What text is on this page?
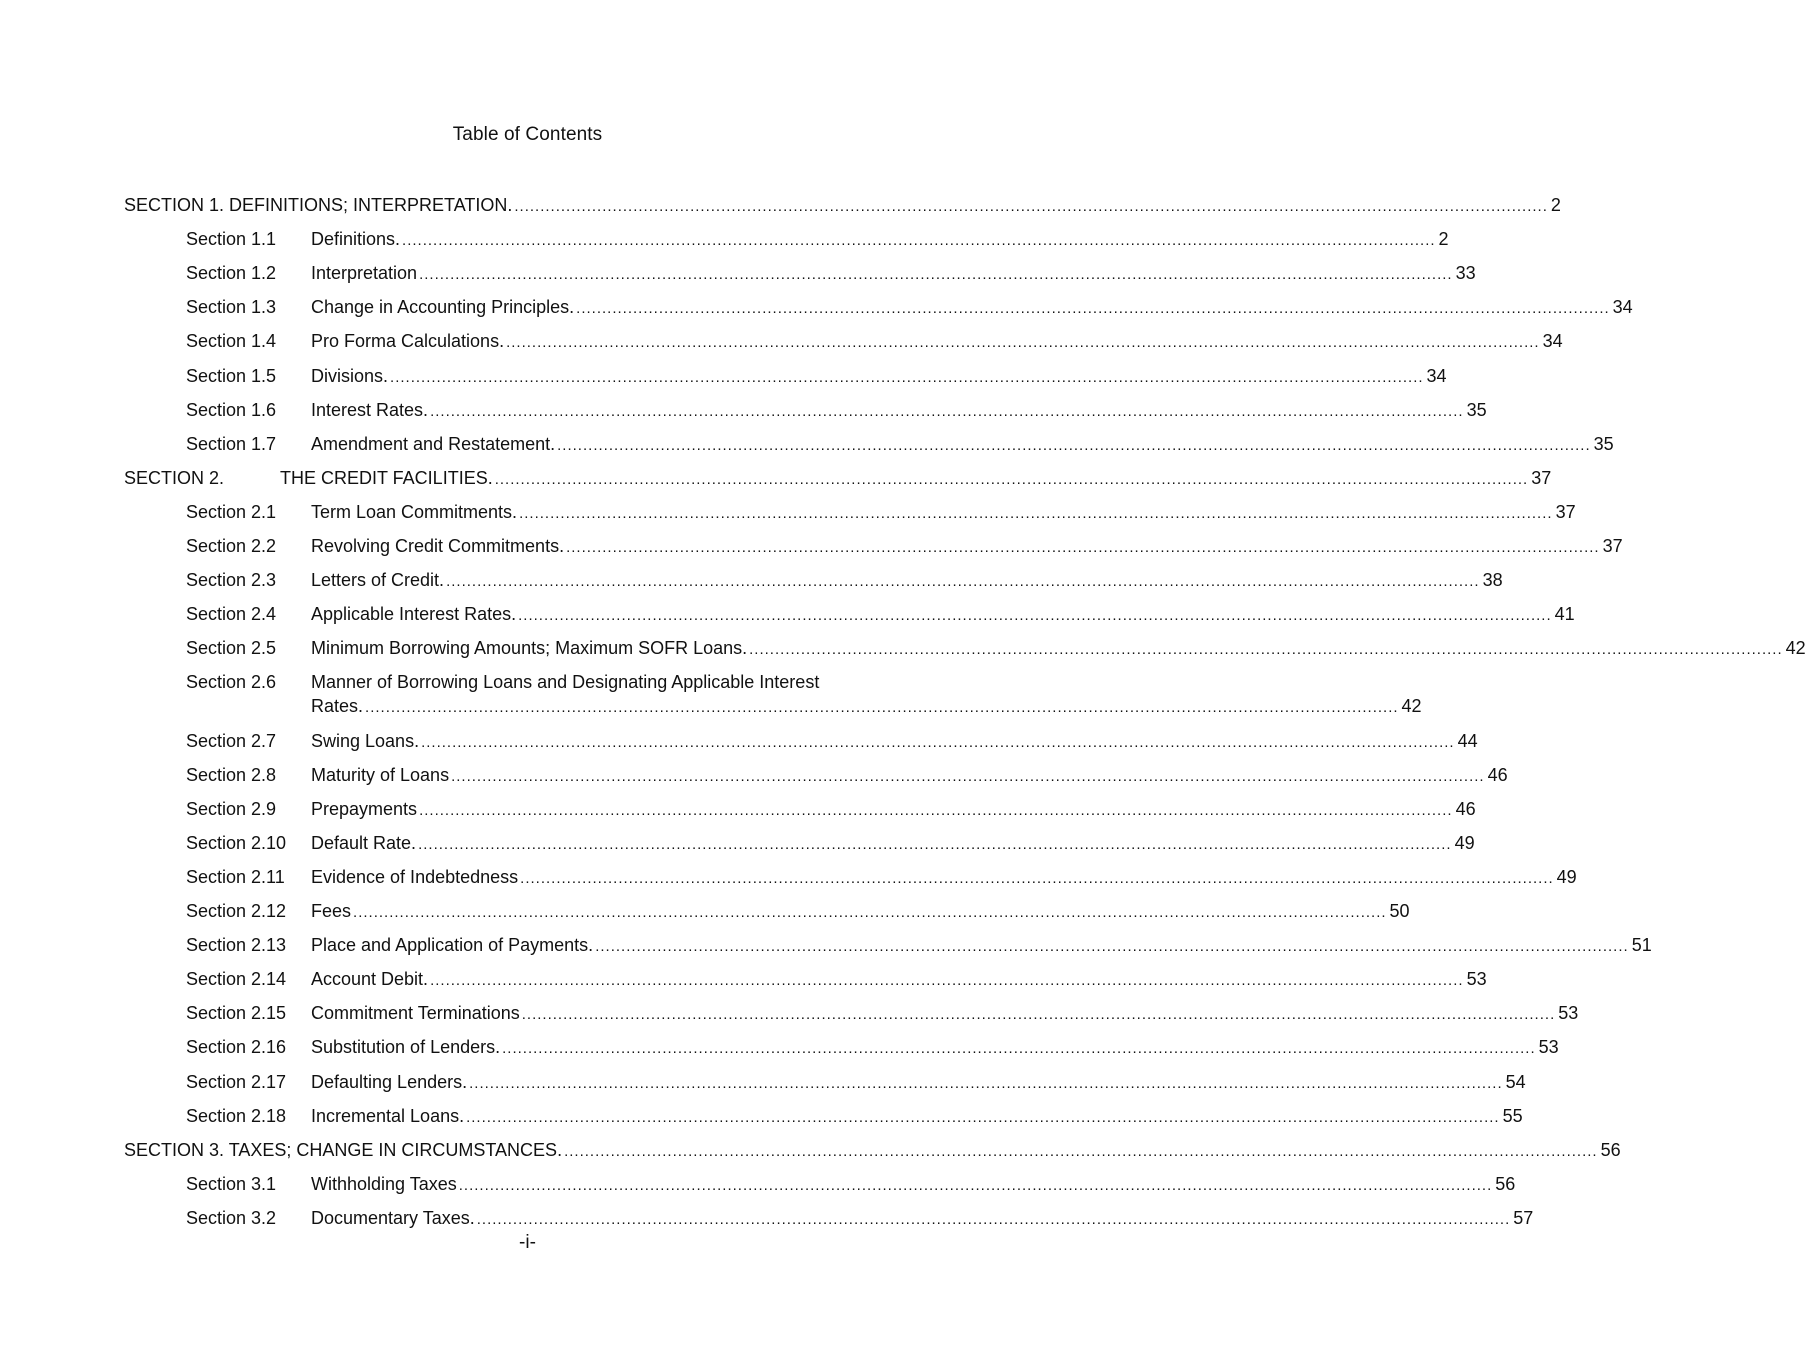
Table of Contents
SECTION 1. DEFINITIONS; INTERPRETATION. ........................................................................................................................................................................................................ 2
Section 1.1 Definitions. ........................................................................................................................................................................................................ 2
Section 1.2 Interpretation ........................................................................................................................................................................................................ 33
Section 1.3 Change in Accounting Principles. ........................................................................................................................................................................................................ 34
Section 1.4 Pro Forma Calculations. ........................................................................................................................................................................................................ 34
Section 1.5 Divisions. ........................................................................................................................................................................................................ 34
Section 1.6 Interest Rates. ........................................................................................................................................................................................................ 35
Section 1.7 Amendment and Restatement. ........................................................................................................................................................................................................ 35
SECTION 2.	THE CREDIT FACILITIES. ........................................................................................................................................................................................................ 37
Section 2.1 Term Loan Commitments. ........................................................................................................................................................................................................ 37
Section 2.2 Revolving Credit Commitments. ........................................................................................................................................................................................................ 37
Section 2.3 Letters of Credit. ........................................................................................................................................................................................................ 38
Section 2.4 Applicable Interest Rates. ........................................................................................................................................................................................................ 41
Section 2.5 Minimum Borrowing Amounts; Maximum SOFR Loans. ........................................................................................................................................................................................................ 42
Section 2.6 Manner of Borrowing Loans and Designating Applicable Interest
Rates. ........................................................................................................................................................................................................ 42
Section 2.7 Swing Loans. ........................................................................................................................................................................................................ 44
Section 2.8 Maturity of Loans ........................................................................................................................................................................................................ 46
Section 2.9 Prepayments ........................................................................................................................................................................................................ 46
Section 2.10 Default Rate. ........................................................................................................................................................................................................ 49
Section 2.11 Evidence of Indebtedness ........................................................................................................................................................................................................ 49
Section 2.12 Fees ........................................................................................................................................................................................................ 50
Section 2.13 Place and Application of Payments. ........................................................................................................................................................................................................ 51
Section 2.14 Account Debit. ........................................................................................................................................................................................................ 53
Section 2.15 Commitment Terminations ........................................................................................................................................................................................................ 53
Section 2.16 Substitution of Lenders. ........................................................................................................................................................................................................ 53
Section 2.17 Defaulting Lenders. ........................................................................................................................................................................................................ 54
Section 2.18 Incremental Loans. ........................................................................................................................................................................................................ 55
SECTION 3. TAXES; CHANGE IN CIRCUMSTANCES. ........................................................................................................................................................................................................ 56
Section 3.1 Withholding Taxes ........................................................................................................................................................................................................ 56
Section 3.2 Documentary Taxes. ........................................................................................................................................................................................................ 57
-i-
